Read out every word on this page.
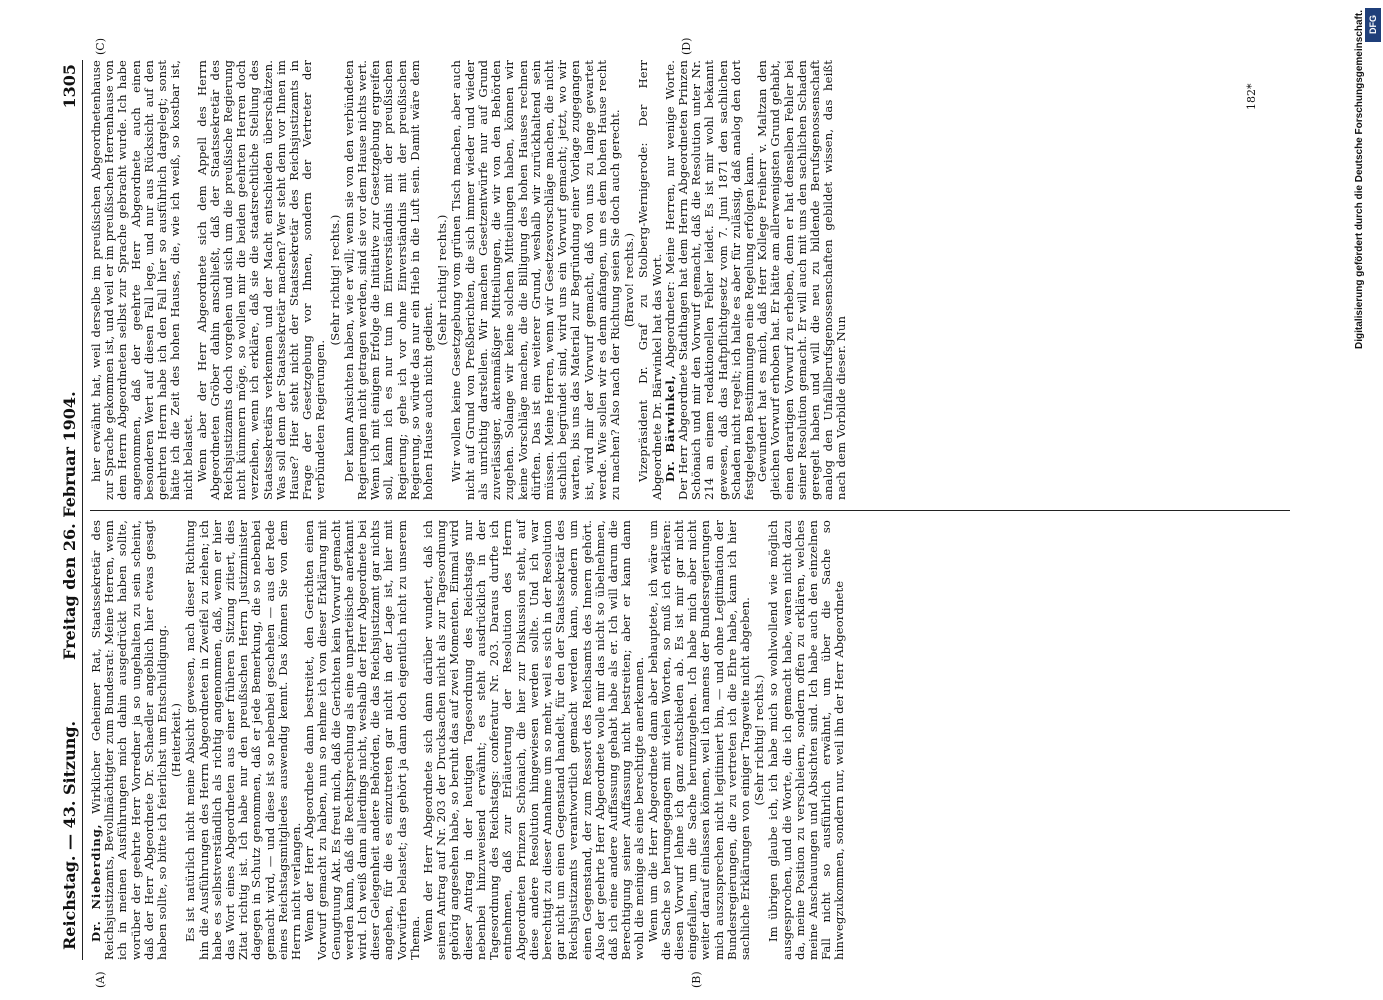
Reichstag. — 43. Sitzung.
Freitag den 26. Februar 1904.
1305

Dr. Nieberding, Wirklicher Geheimer Rat, Staatssekretär des Reichsjustizamts, Bevollmächtigter zum Bundesrat: Meine Herren, wenn ich in meinen Ausführungen mich dahin ausgedrückt haben sollte, worüber der geehrte Herr Vorredner ja so ungehalten zu sein scheint, daß der Herr Abgeordnete Dr. Schaedler angeblich hier etwas gesagt haben sollte, so bitte ich feierlichst um Entschuldigung. (Heiterkeit.) Es ist natürlich nicht meine Absicht gewesen, nach dieser Richtung hin die Ausführungen des Herrn Abgeordneten in Zweifel zu ziehen; ich habe es selbstverständlich als richtig angenommen, daß, wenn er hier das Wort eines Abgeordneten aus einer früheren Sitzung zitiert, dies Zitat richtig ist. Ich habe nur den preußischen Herrn Justizminister dagegen in Schutz genommen, daß er jede Bemerkung, die so nebenbei gemacht wird, — und diese ist so nebenbei geschehen — aus der Rede eines Reichstagsmitgliedes auswendig kennt. Das können Sie von dem Herrn nicht verlangen. Wenn der Herr Abgeordnete dann bestreitet, den Gerichten einen Vorwurf gemacht zu haben, nun so nehme ich von dieser Erklärung mit Genugtuung Akt. Es freut mich, daß die Gerichten kein Vorwurf gemacht werden kann, daß die Rechtsprechung als eine unparteiische anerkannt wird. Ich weiß dann allerdings nicht, weshalb der Herr Abgeordnete bei dieser Gelegenheit andere Behörden, die das Reichsjustizamt gar nichts angehen, für die es einzutreten gar nicht in der Lage ist, hier mit Vorwürfen belastet; das gehört ja dann doch eigentlich nicht zu unserem Thema. Wenn der Herr Abgeordnete sich dann darüber wundert, daß ich seinen Antrag auf Nr. 203 der Drucksachen nicht als zur Tagesordnung gehörig angesehen habe, so beruht das auf zwei Momenten. Einmal wird dieser Antrag in der heutigen Tagesordnung des Reichstags nur nebenbei hinzuweisend erwähnt; es steht ausdrücklich in der Tagesordnung des Reichstags: conferatur Nr. 203. Daraus durfte ich entnehmen, daß zur Erläuterung der Resolution des Herrn Abgeordneten Prinzen Schönaich, die hier zur Diskussion steht, auf diese andere Resolution hingewiesen werden sollte. Und ich war berechtigt zu dieser Annahme um so mehr, weil es sich in der Resolution gar nicht um einen Gegenstand handelt, für den der Staatssekretär des Reichsjustizamts verantwortlich gemacht werden kann, sondern um einen Gegenstand, der zum Ressort des Reichsamts des Innern gehört. Also der geehrte Herr Abgeordnete wolle mir das nicht so übelnehmen, daß ich eine andere Auffassung gehabt habe als er. Ich will darum die Berechtigung seiner Auffassung nicht bestreiten; aber er kann dann wohl die meinige als eine berechtigte anerkennen. Wenn um die Herr Abgeordnete dann aber behauptete, ich wäre um die Sache so herumgegangen mit vielen Worten, so muß ich erklären: diesen Vorwurf lehne ich ganz entschieden ab. Es ist mir gar nicht eingefallen, um die Sache herumzugehen. Ich habe mich aber nicht weiter darauf einlassen können, weil ich namens der Bundesregierungen mich auszusprechen nicht legitimiert bin, — und ohne Legitimation der Bundesregierungen, die zu vertreten ich die Ehre habe, kann ich hier sachliche Erklärungen von einiger Tragweite nicht abgeben. (Sehr richtig! rechts.) Im übrigen glaube ich, ich habe mich so wohlwollend wie möglich ausgesprochen, und die Worte, die ich gemacht habe, waren nicht dazu da, meine Position zu verschleiern, sondern offen zu erklären, welches meine Anschauungen und Absichten sind. Ich habe auch den einzelnen Fall nicht so ausführlich erwähnt, um über die Sache so hinwegzukommen, sondern nur, weil ihn der Herr Abgeordnete

hier erwähnt hat, weil derselbe im preußischen Abgeordnetenhause zur Sprache gekommen ist, und weil er im preußischen Herrenhause von dem Herrn Abgeordneten selbst zur Sprache gebracht wurde. Ich habe angenommen, daß der geehrte Herr Abgeordnete auch einen besonderen Wert auf diesen Fall lege, und nur aus Rücksicht auf den geehrten Herrn habe ich den Fall hier so ausführlich dargelegt; sonst hätte ich die Zeit des hohen Hauses, die, wie ich weiß, so kostbar ist, nicht belastet. Wenn aber der Herr Abgeordnete sich dem Appell des Herrn Abgeordneten Gröber dahin anschließt, daß der Staatssekretär des Reichsjustizamts doch vorgehen und sich um die preußische Regierung nicht kümmern möge, so wollen mir die beiden geehrten Herren doch verzeihen, wenn ich erkläre, daß sie die staatsrechtliche Stellung des Staatssekretärs verkennen und der Macht entschieden überschätzen. Was soll denn der Staatssekretär machen? Wer steht denn vor Ihnen im Hause? Hier steht nicht der Staatssekretär des Reichsjustizamts in Frage der Gesetzgebung vor Ihnen, sondern der Vertreter der verbündeten Regierungen.

(Sehr richtig! rechts.) Der kann Ansichten haben, wie er will; wenn sie von den verbündeten Regierungen nicht getragen werden, sind sie vor dem Hause nichts wert. Wenn ich mit einigem Erfolge die Initiative zur Gesetzgebung ergreifen soll, kann ich es nur tun im Einverständnis mit der preußischen Regierung; gehe ich vor ohne Einverständnis mit der preußischen Regierung, so würde das nur ein Hieb in die Luft sein. Damit wäre dem hohen Hause auch nicht gedient.

(Sehr richtig! rechts.) Wir wollen keine Gesetzgebung vom grünen Tisch machen, aber auch nicht auf Grund von Preßberichten, die sich immer wieder und wieder als unrichtig darstellen. Wir machen Gesetzentwürfe nur auf Grund zuverlässiger, aktenmäßiger Mitteilungen, die wir von den Behörden zugehen. Solange wir keine solchen Mitteilungen haben, können wir keine Vorschläge machen, die die Billigung des hohen Hauses rechnen dürften. Das ist ein weiterer Grund, weshalb wir zurückhaltend sein müssen. Meine Herren, wenn wir Gesetzesvorschläge machen, die nicht sachlich begründet sind, wird uns ein Vorwurf gemacht; jetzt, wo wir warten, bis uns das Material zur Begründung einer Vorlage zugegangen ist, wird mir der Vorwurf gemacht, daß von uns zu lange gewartet werde. Wie sollen wir es denn anfangen, um es dem hohen Hause recht zu machen? Also nach der Richtung seien Sie doch auch gerecht. (Bravo! rechts.) Vizepräsident Dr. Graf zu Stolberg-Wernigerode: Der Herr Abgeordnete Dr. Bärwinkel hat das Wort. Dr. Bärwinkel, Abgeordneter: Meine Herren, nur wenige Worte. Der Herr Abgeordnete Stadthagen hat dem Herrn Abgeordneten Prinzen Schönaich und mir den Vorwurf gemacht, daß die Resolution unter Nr. 214 an einem redaktionellen Fehler leidet. Es ist mir wohl bekannt gewesen, daß das Haftpflichtgesetz vom 7. Juni 1871 den sachlichen Schaden nicht regelt; ich halte es aber für zulässig, daß analog den dort festgelegten Bestimmungen eine Regelung erfolgen kann. Gewundert hat es mich, daß Herr Kollege Freiherr v. Maltzan den gleichen Vorwurf erhoben hat. Er hätte am allerwenigsten Grund gehabt, einen derartigen Vorwurf zu erheben, denn er hat denselben Fehler bei seiner Resolution gemacht. Er will auch mit uns den sachlichen Schaden geregelt haben und will die neu zu bildende Berufsgenossenschaft analog den Unfallberufsgenossenschaften gebildet wissen, das heißt nach dem Vorbilde dieser. Nun

(A)	(B)
(C)	(D)
182*	Digitalisierung gefördert durch die Deutsche Forschungsgemeinschaft. DFG
